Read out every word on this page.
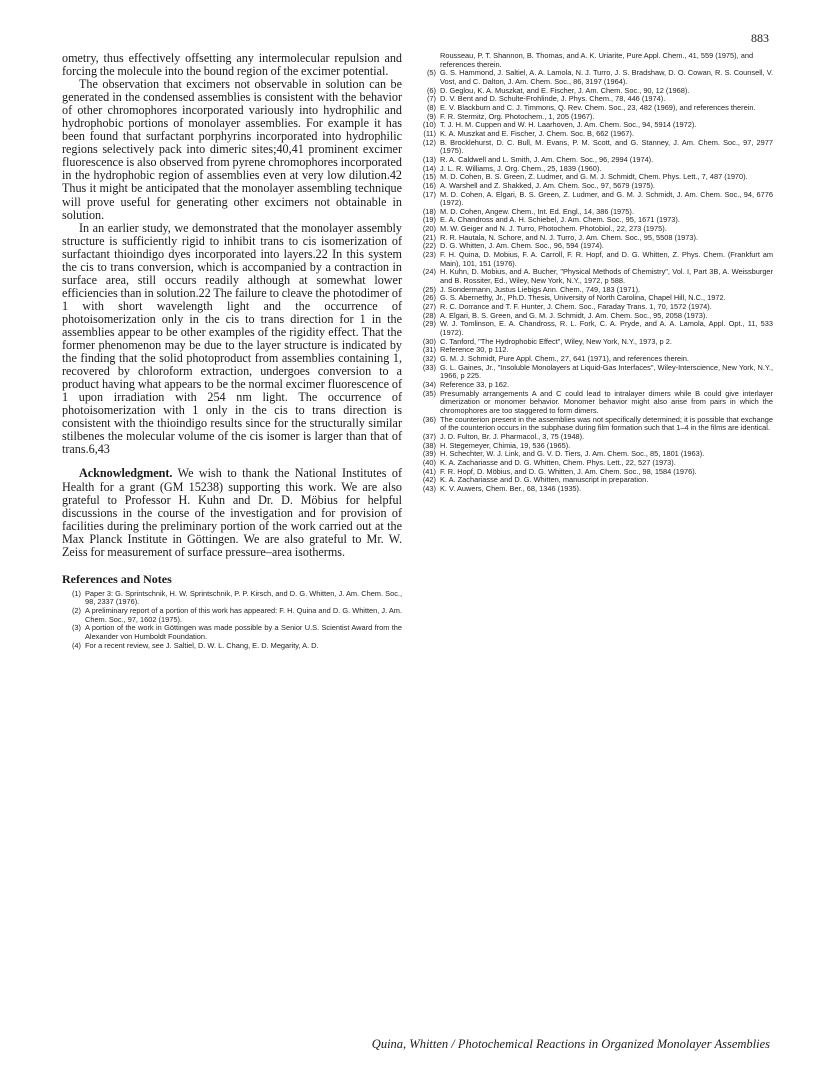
883

ometry, thus effectively offsetting any intermolecular repulsion and forcing the molecule into the bound region of the excimer potential.

The observation that excimers not observable in solution can be generated in the condensed assemblies is consistent with the behavior of other chromophores incorporated variously into hydrophilic and hydrophobic portions of monolayer assemblies. For example it has been found that surfactant porphyrins incorporated into hydrophilic regions selectively pack into dimeric sites;40,41 prominent excimer fluorescence is also observed from pyrene chromophores incorporated in the hydrophobic region of assemblies even at very low dilution.42 Thus it might be anticipated that the monolayer assembling technique will prove useful for generating other excimers not obtainable in solution.

In an earlier study, we demonstrated that the monolayer assembly structure is sufficiently rigid to inhibit trans to cis isomerization of surfactant thioindigo dyes incorporated into layers.22 In this system the cis to trans conversion, which is accompanied by a contraction in surface area, still occurs readily although at somewhat lower efficiencies than in solution.22 The failure to cleave the photodimer of 1 with short wavelength light and the occurrence of photoisomerization only in the cis to trans direction for 1 in the assemblies appear to be other examples of the rigidity effect. That the former phenomenon may be due to the layer structure is indicated by the finding that the solid photoproduct from assemblies containing 1, recovered by chloroform extraction, undergoes conversion to a product having what appears to be the normal excimer fluorescence of 1 upon irradiation with 254 nm light. The occurrence of photoisomerization with 1 only in the cis to trans direction is consistent with the thioindigo results since for the structurally similar stilbenes the molecular volume of the cis isomer is larger than that of trans.6,43

Acknowledgment. We wish to thank the National Institutes of Health for a grant (GM 15238) supporting this work. We are also grateful to Professor H. Kuhn and Dr. D. Möbius for helpful discussions in the course of the investigation and for provision of facilities during the preliminary portion of the work carried out at the Max Planck Institute in Göttingen. We are also grateful to Mr. W. Zeiss for measurement of surface pressure–area isotherms.

References and Notes
(1) Paper 3: G. Sprintschnik, H. W. Sprintschnik, P. P. Kirsch, and D. G. Whitten, J. Am. Chem. Soc., 98, 2337 (1976).
(2) A preliminary report of a portion of this work has appeared: F. H. Quina and D. G. Whitten, J. Am. Chem. Soc., 97, 1602 (1975).
(3) A portion of the work in Göttingen was made possible by a Senior U.S. Scientist Award from the Alexander von Humboldt Foundation.
(4) For a recent review, see J. Saltiel, D. W. L. Chang, E. D. Megarity, A. D.
Rousseau, P. T. Shannon, B. Thomas, and A. K. Uriarite, Pure Appl. Chem., 41, 559 (1975), and references therein.
(5) G. S. Hammond, J. Saltiel, A. A. Lamola, N. J. Turro, J. S. Bradshaw, D. O. Cowan, R. S. Counsell, V. Vost, and C. Dalton, J. Am. Chem. Soc., 86, 3197 (1964).
(6) D. Geglou, K. A. Muszkat, and E. Fischer, J. Am. Chem. Soc., 90, 12 (1968).
(7) D. V. Bent and D. Schulte-Frohlinde, J. Phys. Chem., 78, 446 (1974).
(8) E. V. Blackburn and C. J. Timmons, Q. Rev. Chem. Soc., 23, 482 (1969), and references therein.
(9) F. R. Stermitz, Org. Photochem., 1, 205 (1967).
(10) T. J. H. M. Cuppen and W. H. Laarhoven, J. Am. Chem. Soc., 94, 5914 (1972).
(11) K. A. Muszkat and E. Fischer, J. Chem. Soc. B, 662 (1967).
(12) B. Brocklehurst, D. C. Bull, M. Evans, P. M. Scott, and G. Stanney, J. Am. Chem. Soc., 97, 2977 (1975).
(13) R. A. Caldwell and L. Smith, J. Am. Chem. Soc., 96, 2994 (1974).
(14) J. L. R. Williams, J. Org. Chem., 25, 1839 (1960).
(15) M. D. Cohen, B. S. Green, Z. Ludmer, and G. M. J. Schmidt, Chem. Phys. Lett., 7, 487 (1970).
(16) A. Warshell and Z. Shakked, J. Am. Chem. Soc., 97, 5679 (1975).
(17) M. D. Cohen, A. Elgari, B. S. Green, Z. Ludmer, and G. M. J. Schmidt, J. Am. Chem. Soc., 94, 6776 (1972).
(18) M. D. Cohen, Angew. Chem., Int. Ed. Engl., 14, 386 (1975).
(19) E. A. Chandross and A. H. Schiebel, J. Am. Chem. Soc., 95, 1671 (1973).
(20) M. W. Geiger and N. J. Turro, Photochem. Photobiol., 22, 273 (1975).
(21) R. R. Hautala, N. Schore, and N. J. Turro, J. Am. Chem. Soc., 95, 5508 (1973).
(22) D. G. Whitten, J. Am. Chem. Soc., 96, 594 (1974).
(23) F. H. Quina, D. Mobius, F. A. Carroll, F. R. Hopf, and D. G. Whitten, Z. Phys. Chem. (Frankfurt am Main), 101, 151 (1976).
(24) H. Kuhn, D. Mobius, and A. Bucher, "Physical Methods of Chemistry", Vol. I, Part 3B, A. Weissburger and B. Rossiter, Ed., Wiley, New York, N.Y., 1972, p 588.
(25) J. Sondermann, Justus Liebigs Ann. Chem., 749, 183 (1971).
(26) G. S. Abernethy, Jr., Ph.D. Thesis, University of North Carolina, Chapel Hill, N.C., 1972.
(27) R. C. Dorrance and T. F. Hunter, J. Chem. Soc., Faraday Trans. 1, 70, 1572 (1974).
(28) A. Elgari, B. S. Green, and G. M. J. Schmidt, J. Am. Chem. Soc., 95, 2058 (1973).
(29) W. J. Tomlinson, E. A. Chandross, R. L. Fork, C. A. Pryde, and A. A. Lamola, Appl. Opt., 11, 533 (1972).
(30) C. Tanford, "The Hydrophobic Effect", Wiley, New York, N.Y., 1973, p 2.
(31) Reference 30, p 112.
(32) G. M. J. Schmidt, Pure Appl. Chem., 27, 641 (1971), and references therein.
(33) G. L. Gaines, Jr., "Insoluble Monolayers at Liquid-Gas Interfaces", Wiley-Interscience, New York, N.Y., 1966, p 225.
(34) Reference 33, p 162.
(35) Presumably arrangements A and C could lead to intralayer dimers while B could give interlayer dimerization or monomer behavior. Monomer behavior might also arise from pairs in which the chromophores are too staggered to form dimers.
(36) The counterion present in the assemblies was not specifically determined; it is possible that exchange of the counterion occurs in the subphase during film formation such that 1–4 in the films are identical.
(37) J. D. Fulton, Br. J. Pharmacol., 3, 75 (1948).
(38) H. Stegemeyer, Chimia, 19, 536 (1965).
(39) H. Schechter, W. J. Link, and G. V. D. Tiers, J. Am. Chem. Soc., 85, 1801 (1963).
(40) K. A. Zachariasse and D. G. Whitten, Chem. Phys. Lett., 22, 527 (1973).
(41) F. R. Hopf, D. Möbius, and D. G. Whitten, J. Am. Chem. Soc., 98, 1584 (1976).
(42) K. A. Zachariasse and D. G. Whitten, manuscript in preparation.
(43) K. V. Auwers, Chem. Ber., 68, 1346 (1935).
Quina, Whitten / Photochemical Reactions in Organized Monolayer Assemblies
